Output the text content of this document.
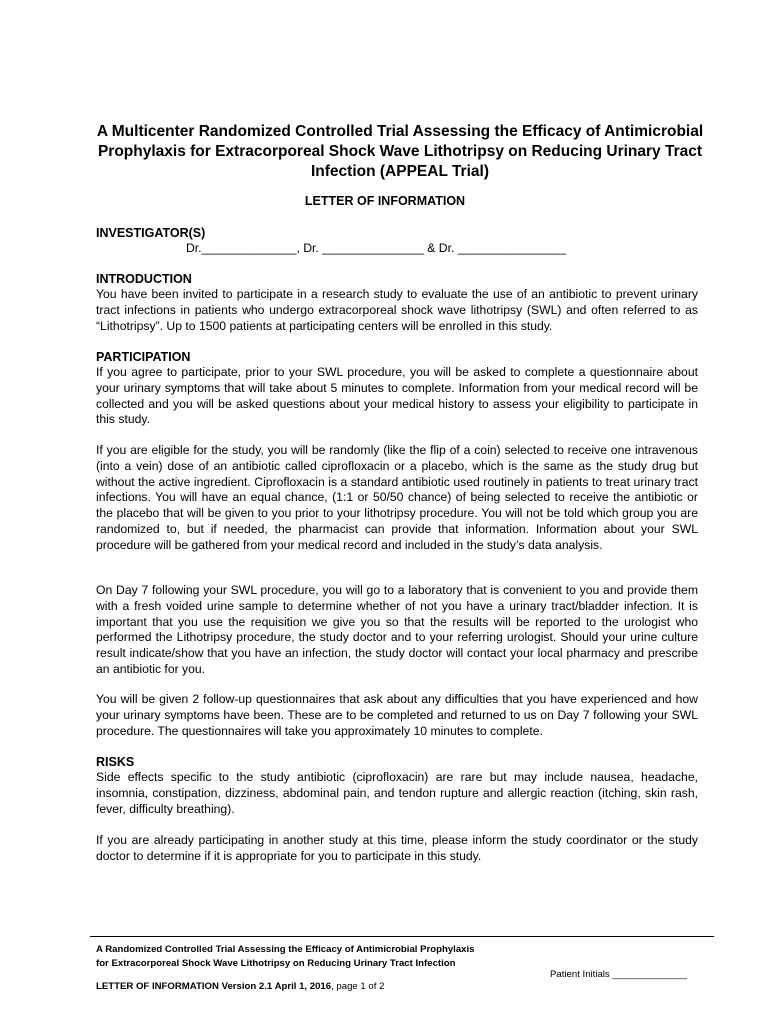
A Multicenter Randomized Controlled Trial Assessing the Efficacy of Antimicrobial Prophylaxis for Extracorporeal Shock Wave Lithotripsy on Reducing Urinary Tract Infection (APPEAL Trial)
LETTER OF INFORMATION
INVESTIGATOR(S)
Dr.______________, Dr. _______________ & Dr. ________________
INTRODUCTION

You have been invited to participate in a research study to evaluate the use of an antibiotic to prevent urinary tract infections in patients who undergo extracorporeal shock wave lithotripsy (SWL) and often referred to as “Lithotripsy”. Up to 1500 patients at participating centers will be enrolled in this study.

PARTICIPATION

If you agree to participate, prior to your SWL procedure, you will be asked to complete a questionnaire about your urinary symptoms that will take about 5 minutes to complete. Information from your medical record will be collected and you will be asked questions about your medical history to assess your eligibility to participate in this study.

If you are eligible for the study, you will be randomly (like the flip of a coin) selected to receive one intravenous (into a vein) dose of an antibiotic called ciprofloxacin or a placebo, which is the same as the study drug but without the active ingredient. Ciprofloxacin is a standard antibiotic used routinely in patients to treat urinary tract infections. You will have an equal chance, (1:1 or 50/50 chance) of being selected to receive the antibiotic or the placebo that will be given to you prior to your lithotripsy procedure. You will not be told which group you are randomized to, but if needed, the pharmacist can provide that information. Information about your SWL procedure will be gathered from your medical record and included in the study’s data analysis.

On Day 7 following your SWL procedure, you will go to a laboratory that is convenient to you and provide them with a fresh voided urine sample to determine whether of not you have a urinary tract/bladder infection. It is important that you use the requisition we give you so that the results will be reported to the urologist who performed the Lithotripsy procedure, the study doctor and to your referring urologist. Should your urine culture result indicate/show that you have an infection, the study doctor will contact your local pharmacy and prescribe an antibiotic for you.

You will be given 2 follow-up questionnaires that ask about any difficulties that you have experienced and how your urinary symptoms have been. These are to be completed and returned to us on Day 7 following your SWL procedure. The questionnaires will take you approximately 10 minutes to complete.

RISKS

Side effects specific to the study antibiotic (ciprofloxacin) are rare but may include nausea, headache, insomnia, constipation, dizziness, abdominal pain, and tendon rupture and allergic reaction (itching, skin rash, fever, difficulty breathing).

If you are already participating in another study at this time, please inform the study coordinator or the study doctor to determine if it is appropriate for you to participate in this study.

A Randomized Controlled Trial Assessing the Efficacy of Antimicrobial Prophylaxis
for Extracorporeal Shock Wave Lithotripsy on Reducing Urinary Tract Infection
Patient Initials ______________
LETTER OF INFORMATION Version 2.1 April 1, 2016, page 1 of 2
